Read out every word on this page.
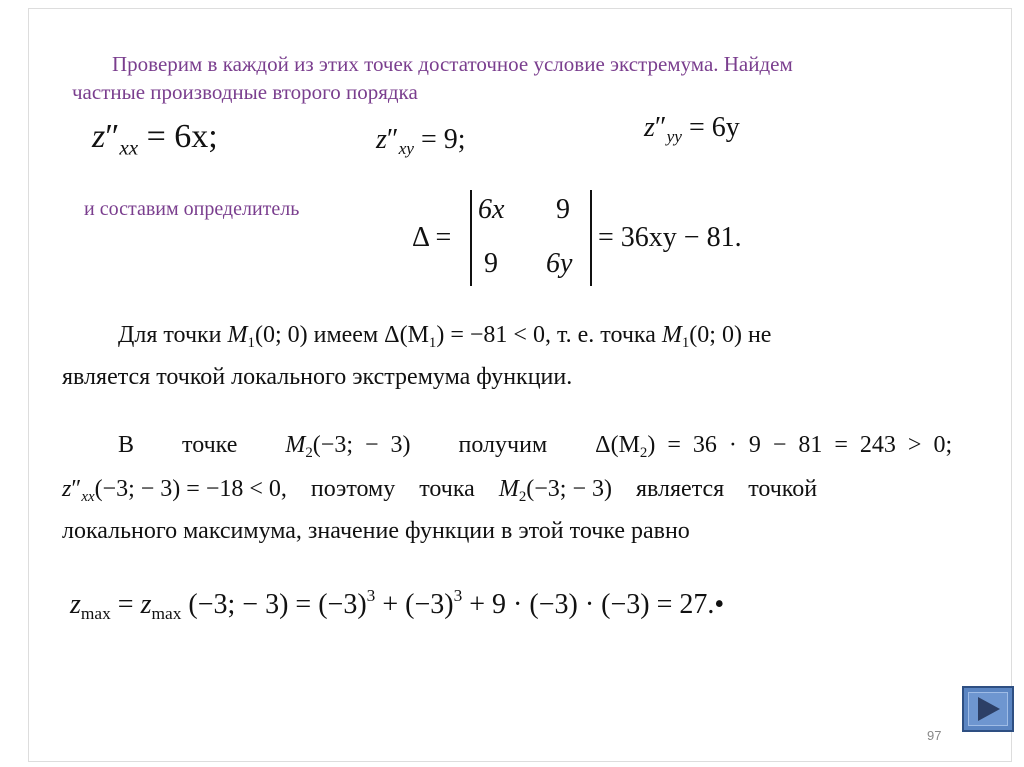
Проверим в каждой из этих точек достаточное условие экстремума. Найдем
частные производные второго порядка
$z''_{xx} = 6x$;	$z''_{xy} = 9$;	$z''_{yy} = 6y$
и составим определитель
Δ =
6x 9
9 6y
= 36xy − 81.
Для точки $M_1(0$; 0) имеем $\Delta(M_1) = -81 < 0$, т. е. точка $M_1(0$; 0) не
является точкой локального экстремума функции.
В точке $M_2(-3$; − 3) получим $\Delta(M_2) = 36 \cdot 9 - 81 = 243 > 0$;
$z''_{xx}(-3$; − 3) = −18 < 0, поэтому точка $M_2(-3$; − 3) является точкой
локального максимума, значение функции в этой точке равно
$z_{max} = z_{max}$ (−3; − $3) = (-3)^3 + (-3)^3 + 9 \cdot (-3) \cdot (-3)$ = 27.•
97
